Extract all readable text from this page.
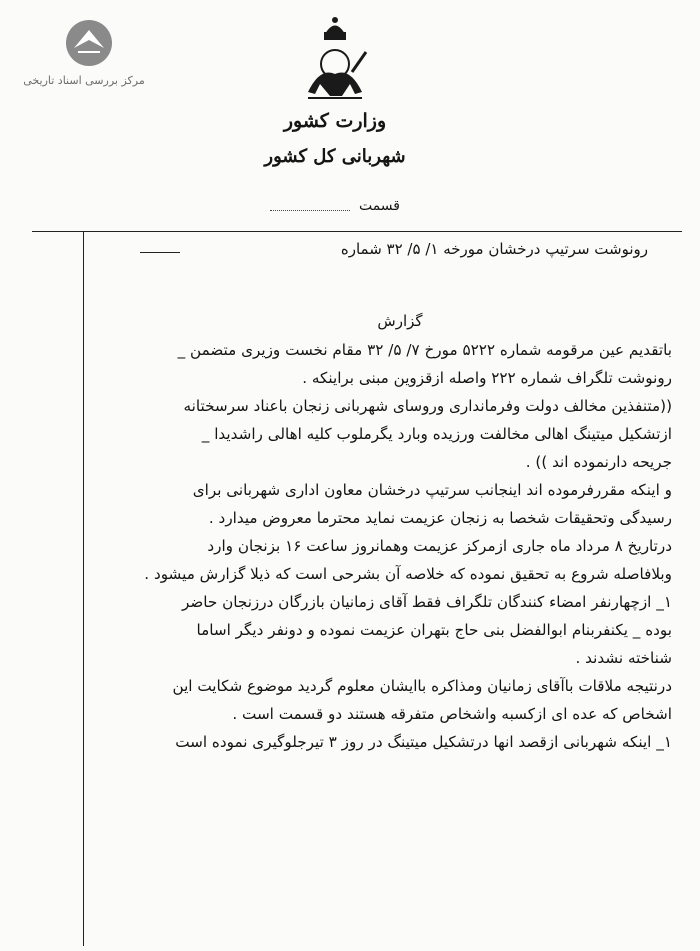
مرکز بررسی اسناد تاریخی
وزارت کشور
شهربانی کل کشور
قسمت
رونوشت سرتیپ درخشان مورخه ۱/ ۵/ ۳۲ شماره
گزارش
باتقدیم عین مرقومه شماره ۵۲۲۲ مورخ ۷/ ۵/ ۳۲ مقام نخست وزیری متضمن _
رونوشت تلگراف شماره ۲۲۲ واصله ازقزوین مبنی براینکه .
((متنفذین مخالف دولت وفرمانداری وروسای شهربانی زنجان باعناد سرسختانه
ازتشکیل میتینگ اهالی مخالفت ورزیده وبارد یگرملوب کلیه اهالی راشدیدا _
جریحه دارنموده اند )) .
و اینکه مقررفرموده اند اینجانب سرتیپ درخشان معاون اداری شهربانی برای
رسیدگی وتحقیقات شخصا به زنجان عزیمت نماید محترما معروض میدارد .
درتاریخ ۸ مرداد ماه جاری ازمرکز عزیمت وهمانروز ساعت ۱۶ بزنجان وارد
وبلافاصله شروع به تحقیق نموده که خلاصه آن بشرحی است که ذیلا گزارش میشود .
۱_ ازچهارنفر امضاء کنندگان تلگراف فقط آقای زمانیان بازرگان درزنجان حاضر
بوده _ یکنفربنام ابوالفضل بنی حاج بتهران عزیمت نموده و دونفر دیگر اساما
شناخته نشدند .
درنتیجه ملاقات باآقای زمانیان ومذاکره باایشان معلوم گردید موضوع شکایت این
اشخاص که عده ای ازکسبه واشخاص متفرقه هستند دو قسمت است .
۱_ اینکه شهربانی ازقصد انها درتشکیل میتینگ در روز ۳ تیرجلوگیری نموده است
